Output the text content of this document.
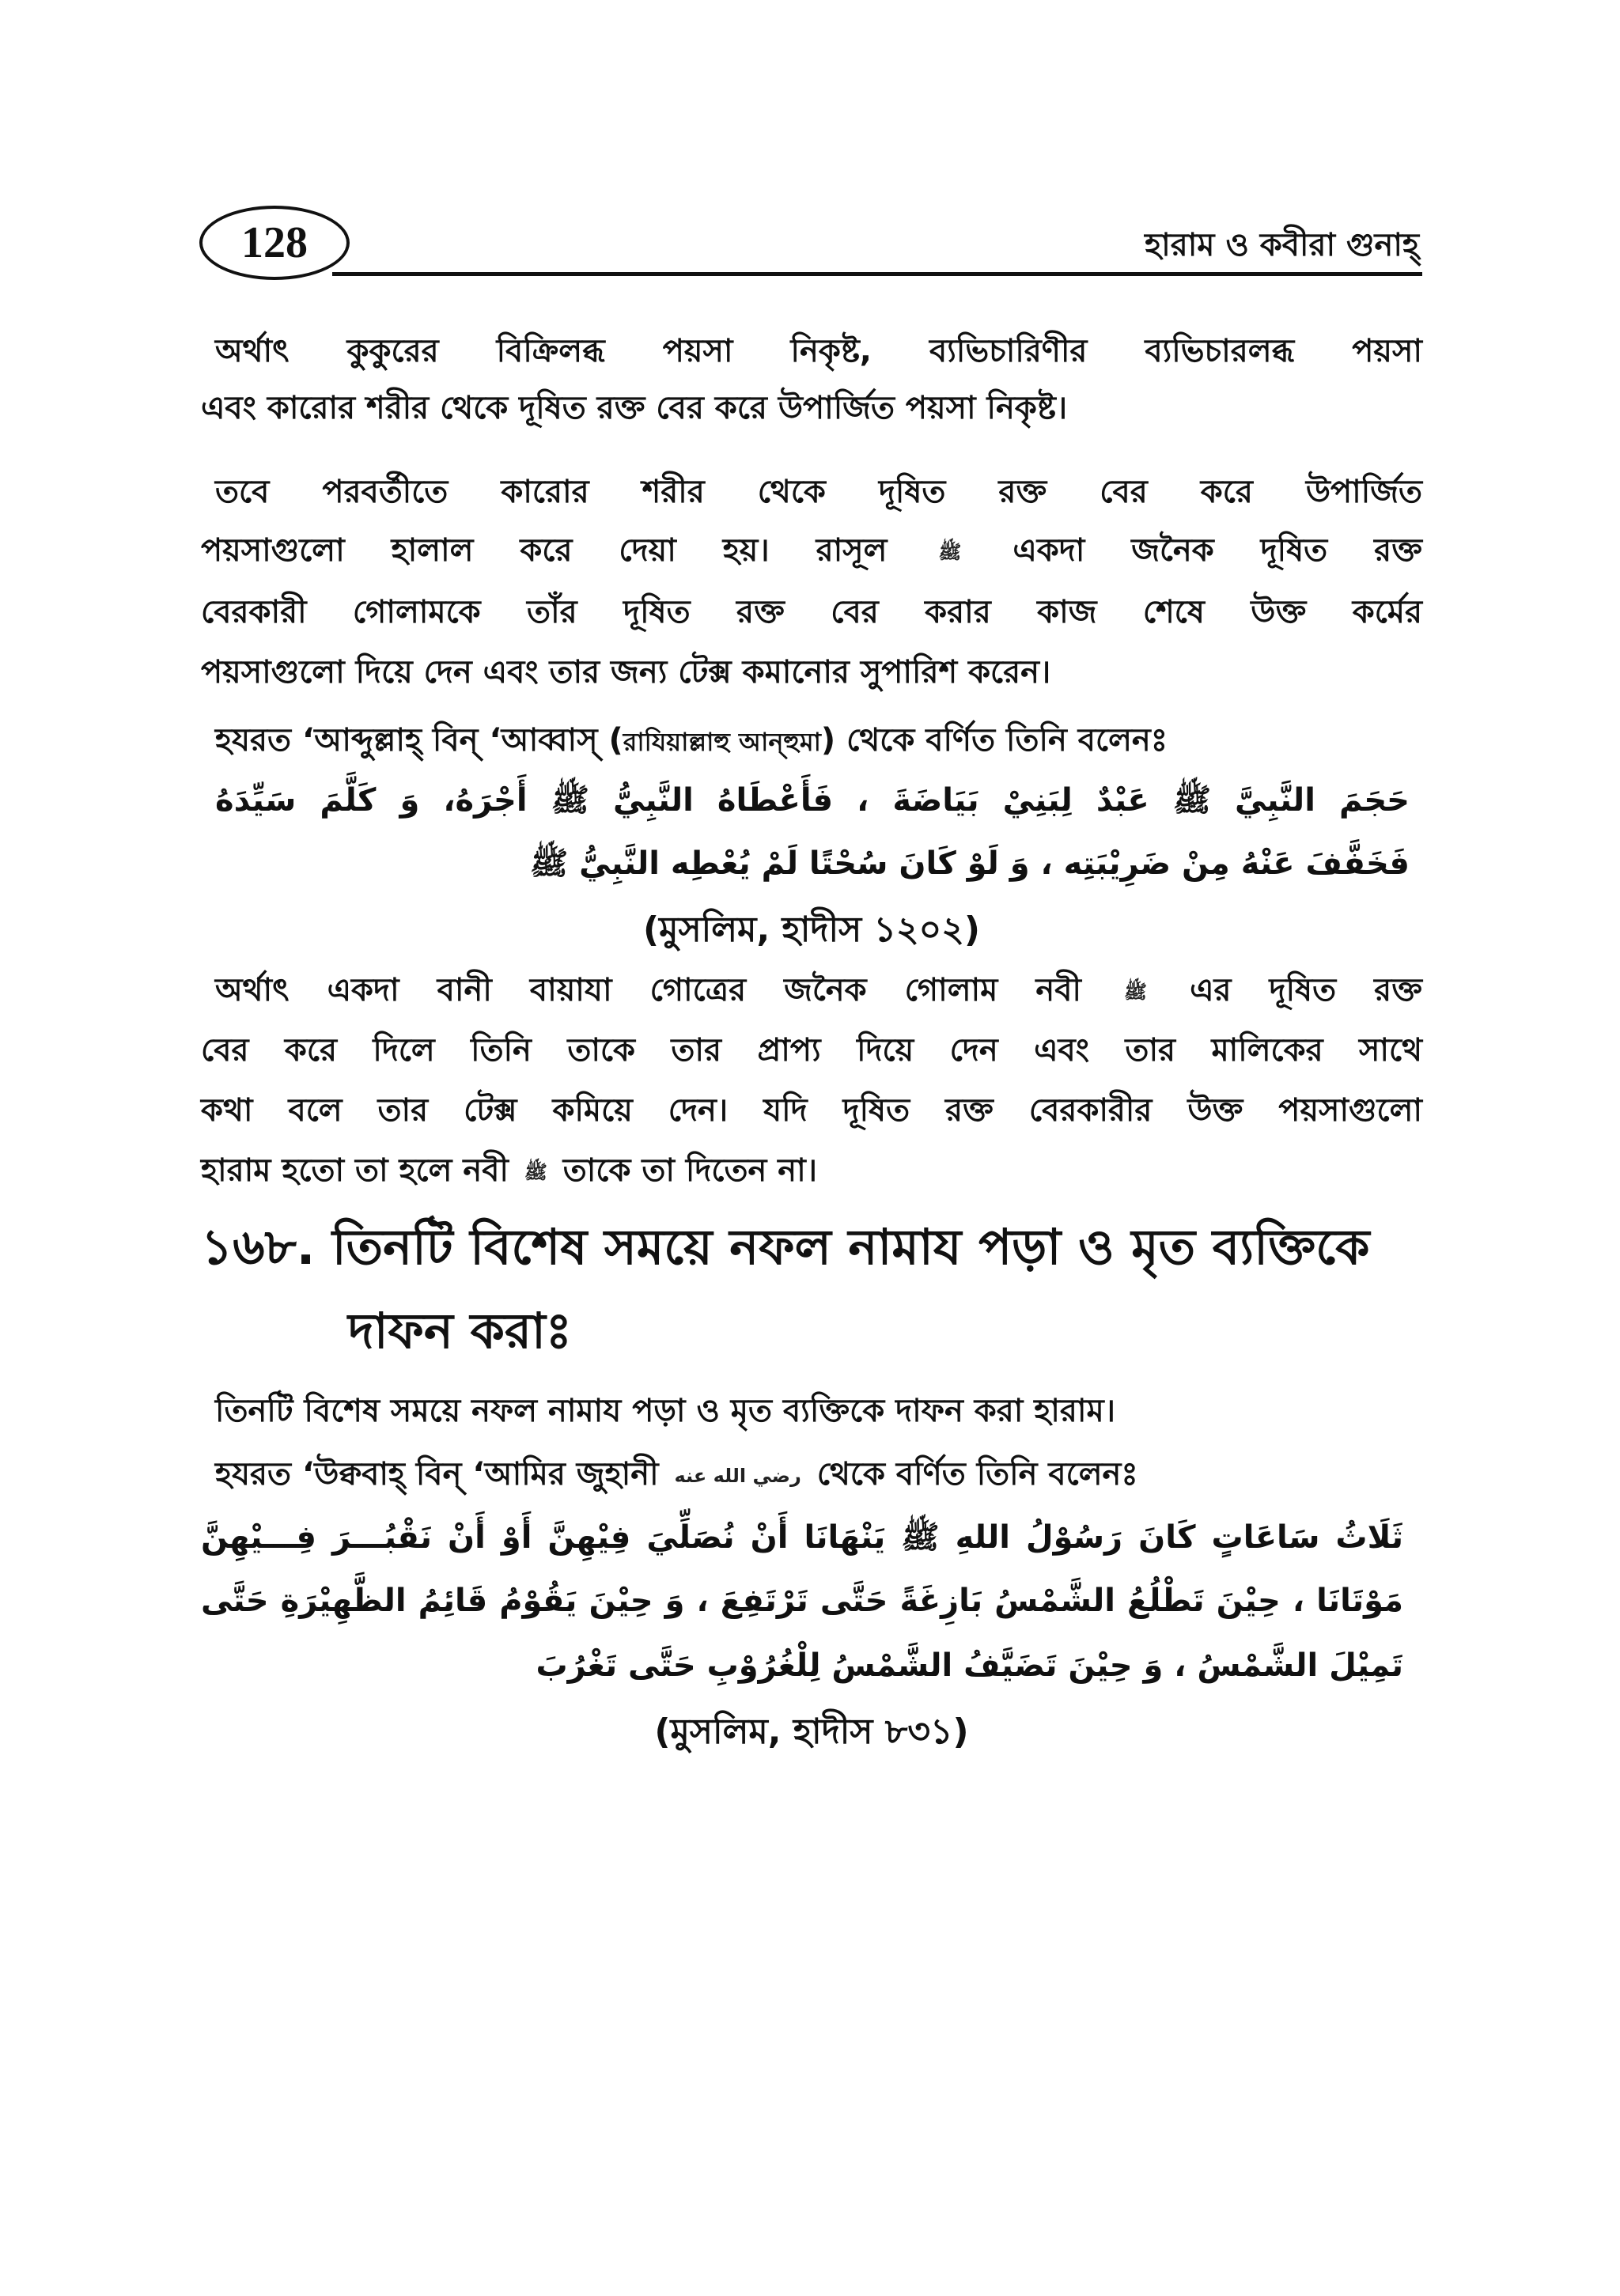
128	হারাম ও কবীরা গুনাহ্
অর্থাৎ কুকুরের বিক্রিলব্ধ পয়সা নিকৃষ্ট, ব্যভিচারিণীর ব্যভিচারলব্ধ পয়সা
এবং কারোর শরীর থেকে দূষিত রক্ত বের করে উপার্জিত পয়সা নিকৃষ্ট।
তবে পরবর্তীতে কারোর শরীর থেকে দূষিত রক্ত বের করে উপার্জিত
পয়সাগুলো হালাল করে দেয়া হয়। রাসূল	ﷺ একদা জনৈক দূষিত রক্ত
বেরকারী গোলামকে তাঁর দূষিত রক্ত বের করার কাজ শেষে উক্ত কর্মের
পয়সাগুলো দিয়ে দেন এবং তার জন্য টেক্স কমানোর সুপারিশ করেন।
হযরত ‘আব্দুল্লাহ্ বিন্ ‘আব্বাস্ (রাযিয়াল্লাহু আন্হুমা) থেকে বর্ণিত তিনি বলেনঃ
حَجَمَ النَّبِيَّ ﷺ عَبْدٌ لِبَنِيْ بَيَاضَةَ ، فَأَعْطَاهُ النَّبِيُّ ﷺ أَجْرَهُ، وَ كَلَّمَ سَيِّدَهُ
فَخَفَّفَ عَنْهُ مِنْ ضَرِيْبَتِه ، وَ لَوْ كَانَ سُحْتًا لَمْ يُعْطِه النَّبِيُّ ﷺ
(মুসলিম, হাদীস ১২০২)
অর্থাৎ একদা বানী বায়াযা গোত্রের জনৈক গোলাম নবী ﷺ এর দূষিত রক্ত
বের করে দিলে তিনি তাকে তার প্রাপ্য দিয়ে দেন এবং তার মালিকের সাথে
কথা বলে তার টেক্স কমিয়ে দেন। যদি দূষিত রক্ত বেরকারীর উক্ত পয়সাগুলো
হারাম হতো তা হলে নবী ﷺ তাকে তা দিতেন না।
১৬৮. তিনটি বিশেষ সময়ে নফল নামায পড়া ও মৃত ব্যক্তিকে
দাফন করাঃ
তিনটি বিশেষ সময়ে নফল নামায পড়া ও মৃত ব্যক্তিকে দাফন করা হারাম।
হযরত ‘উক্ববাহ্ বিন্ ‘আমির জুহানী رضي الله عنه থেকে বর্ণিত তিনি বলেনঃ
ثَلَاثُ سَاعَاتٍ كَانَ رَسُوْلُ اللهِ ﷺ يَنْهَانَا أَنْ نُصَلِّيَ فِيْهِنَّ أَوْ أَنْ نَقْبُـــرَ فِـــيْهِنَّ
مَوْتَانَا ، حِيْنَ تَطْلُعُ الشَّمْسُ بَازِغَةً حَتَّى تَرْتَفِعَ ، وَ حِيْنَ يَقُوْمُ قَائِمُ الظَّهِيْرَةِ حَتَّى
تَمِيْلَ الشَّمْسُ ، وَ حِيْنَ تَضَيَّفُ الشَّمْسُ لِلْغُرُوْبِ حَتَّى تَغْرُبَ
(মুসলিম, হাদীস ৮৩১)
